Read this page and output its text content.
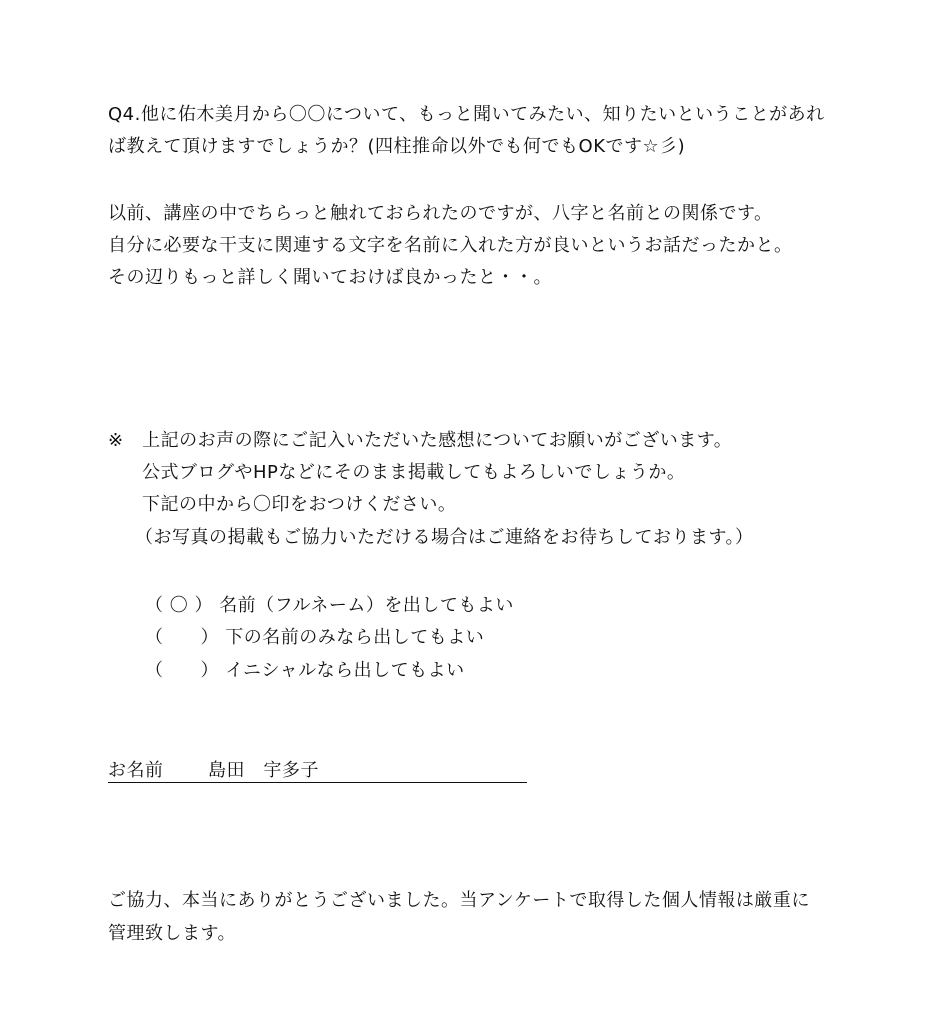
Q4.他に佑木美月から〇〇について、もっと聞いてみたい、知りたいということがあれ
ば教えて頂けますでしょうか？(四柱推命以外でも何でもOKです☆彡)
以前、講座の中でちらっと触れておられたのですが、八字と名前との関係です。
自分に必要な干支に関連する文字を名前に入れた方が良いというお話だったかと。
その辺りもっと詳しく聞いておけば良かったと・・。
※　上記のお声の際にご記入いただいた感想についてお願いがございます。
公式ブログやHPなどにそのまま掲載してもよろしいでしょうか。
下記の中から〇印をおつけください。
（お写真の掲載もご協力いただける場合はご連絡をお待ちしております。）
（ 〇 ） 名前（フルネーム）を出してもよい
（　　） 下の名前のみなら出してもよい
（　　） イニシャルなら出してもよい
お名前 島田　宇多子
ご協力、本当にありがとうございました。当アンケートで取得した個人情報は厳重に
管理致します。
